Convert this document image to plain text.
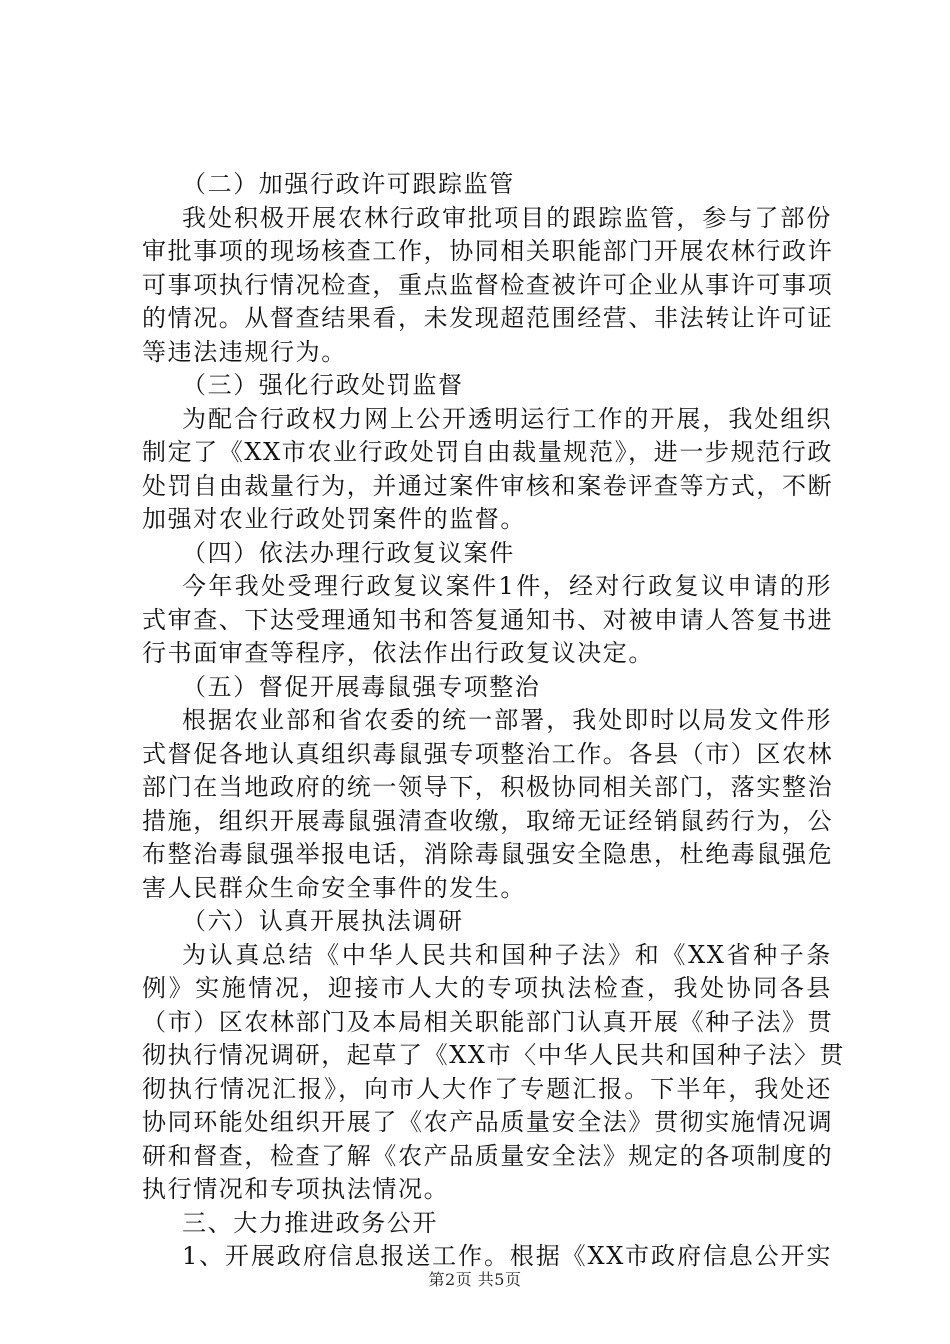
（二）加强行政许可跟踪监管
我处积极开展农林行政审批项目的跟踪监管，参与了部份
审批事项的现场核查工作，协同相关职能部门开展农林行政许
可事项执行情况检查，重点监督检查被许可企业从事许可事项
的情况。从督查结果看，未发现超范围经营、非法转让许可证
等违法违规行为。
（三）强化行政处罚监督
为配合行政权力网上公开透明运行工作的开展，我处组织
制定了《XX市农业行政处罚自由裁量规范》，进一步规范行政
处罚自由裁量行为，并通过案件审核和案卷评查等方式，不断
加强对农业行政处罚案件的监督。
（四）依法办理行政复议案件
今年我处受理行政复议案件1件，经对行政复议申请的形
式审查、下达受理通知书和答复通知书、对被申请人答复书进
行书面审查等程序，依法作出行政复议决定。
（五）督促开展毒鼠强专项整治
根据农业部和省农委的统一部署，我处即时以局发文件形
式督促各地认真组织毒鼠强专项整治工作。各县（市）区农林
部门在当地政府的统一领导下，积极协同相关部门，落实整治
措施，组织开展毒鼠强清查收缴，取缔无证经销鼠药行为，公
布整治毒鼠强举报电话，消除毒鼠强安全隐患，杜绝毒鼠强危
害人民群众生命安全事件的发生。
（六）认真开展执法调研
为认真总结《中华人民共和国种子法》和《XX省种子条
例》实施情况，迎接市人大的专项执法检查，我处协同各县
（市）区农林部门及本局相关职能部门认真开展《种子法》贯
彻执行情况调研，起草了《XX市〈中华人民共和国种子法〉贯
彻执行情况汇报》，向市人大作了专题汇报。下半年，我处还
协同环能处组织开展了《农产品质量安全法》贯彻实施情况调
研和督查，检查了解《农产品质量安全法》规定的各项制度的
执行情况和专项执法情况。
三、大力推进政务公开
1、开展政府信息报送工作。根据《XX市政府信息公开实
第2页 共5页
